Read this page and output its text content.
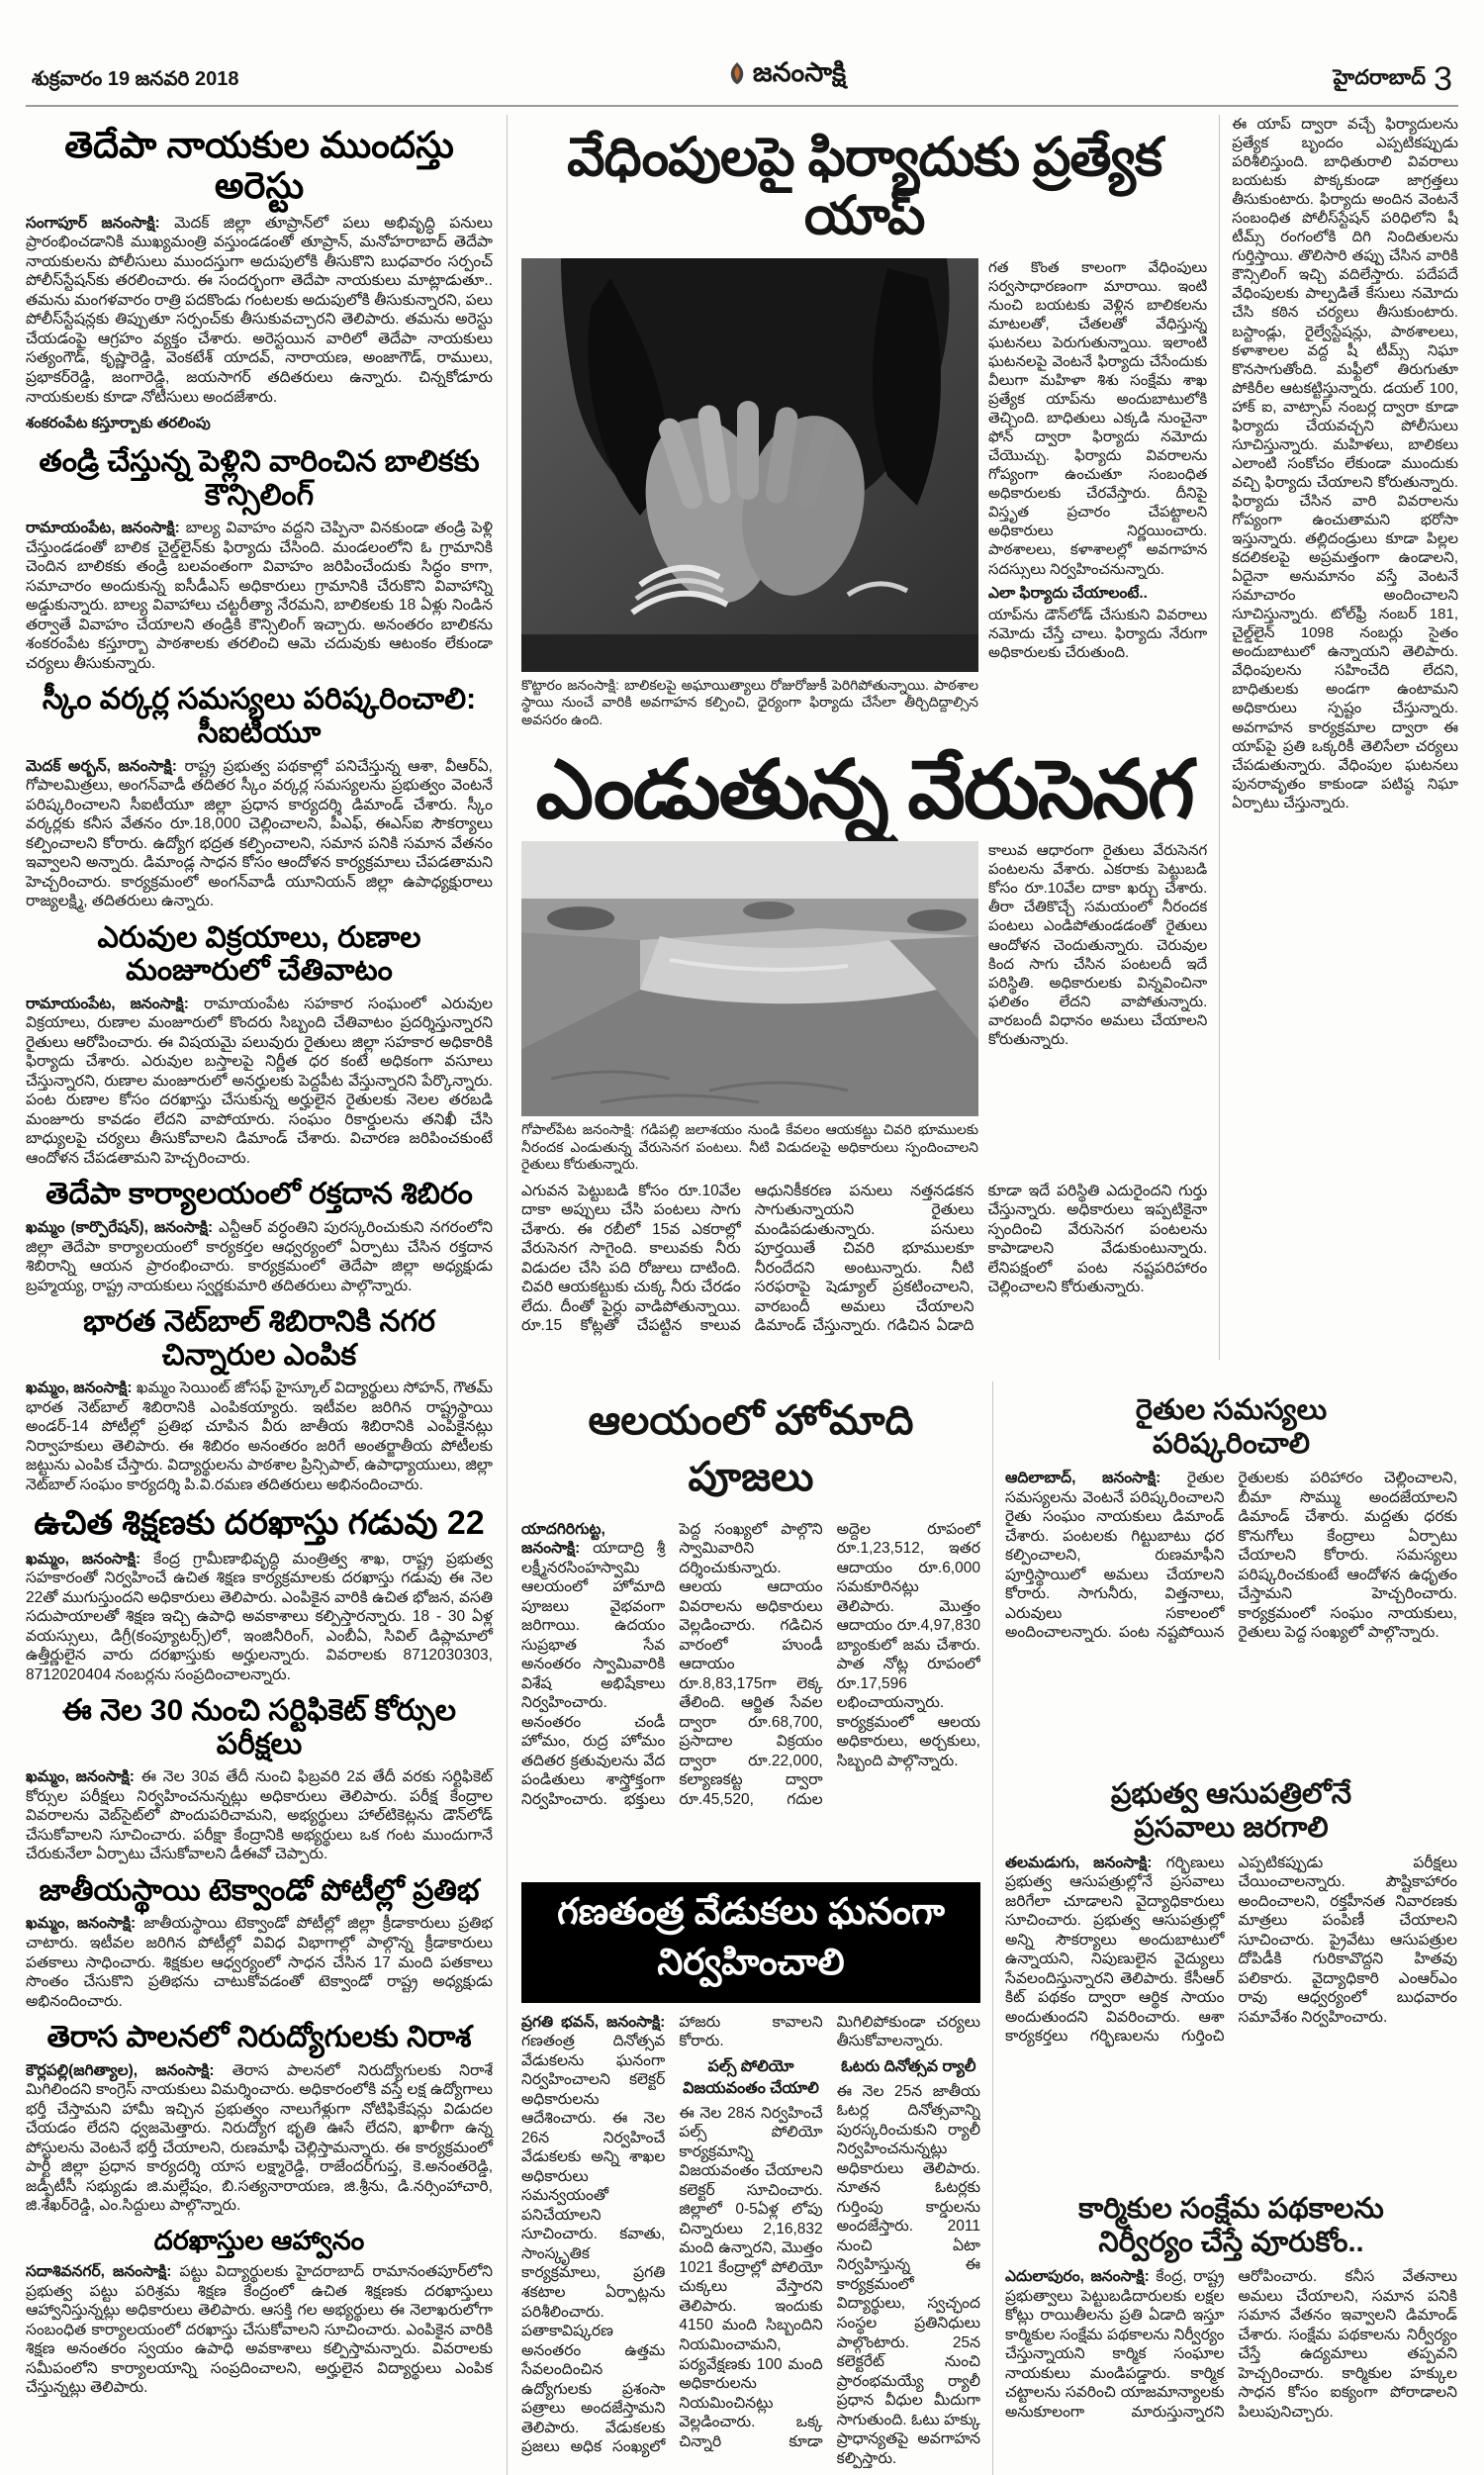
శుక్రవారం 19 జనవరి 2018	జనంసాక్షి	హైదరాబాద్ 3
తెదేపా నాయకుల ముందస్తు అరెస్టు

సంగాపూర్ జనంసాక్షి: మెదక్ జిల్లా తూప్రాన్‌లో పలు అభివృద్ధి పనులు ప్రారంభించడానికి ముఖ్యమంత్రి వస్తుండడంతో తూప్రాన్, మనోహరాబాద్ తెదేపా నాయకులను పోలీసులు ముందస్తుగా అదుపులోకి తీసుకొని బుధవారం సర్పంచ్ పోలీస్‌స్టేషన్‌కు తరలించారు. ఈ సందర్భంగా తెదేపా నాయకులు మాట్లాడుతూ.. తమను మంగళవారం రాత్రి పదకొండు గంటలకు అదుపులోకి తీసుకున్నారని, పలు పోలీస్‌స్టేషన్లకు తిప్పుతూ సర్పంచ్‌కు తీసుకువచ్చారని తెలిపారు. తమను అరెస్టు చేయడంపై ఆగ్రహం వ్యక్తం చేశారు. అరెస్టయిన వారిలో తెదేపా నాయకులు సత్యంగౌడ్, కృష్ణారెడ్డి, వెంకటేశ్ యాదవ్, నారాయణ, అంజాగౌడ్, రాములు, ప్రభాకర్‌రెడ్డి, జంగారెడ్డి, జయసాగర్ తదితరులు ఉన్నారు. చిన్నకోడూరు నాయకులకు కూడా నోటీసులు అందజేశారు.

శంకరంపేట కస్తూర్బాకు తరలింపు
తండ్రి చేస్తున్న పెళ్లిని వారించిన బాలికకు కౌన్సిలింగ్

రామాయంపేట, జనంసాక్షి: బాల్య వివాహం వద్దని చెప్పినా వినకుండా తండ్రి పెళ్లి చేస్తుండడంతో బాలిక చైల్డ్‌లైన్‌కు ఫిర్యాదు చేసింది. మండలంలోని ఓ గ్రామానికి చెందిన బాలికకు తండ్రి బలవంతంగా వివాహం జరిపించేందుకు సిద్ధం కాగా, సమాచారం అందుకున్న ఐసీడీఎస్ అధికారులు గ్రామానికి చేరుకొని వివాహాన్ని అడ్డుకున్నారు. బాల్య వివాహాలు చట్టరీత్యా నేరమని, బాలికలకు 18 ఏళ్లు నిండిన తర్వాతే వివాహం చేయాలని తండ్రికి కౌన్సిలింగ్ ఇచ్చారు. అనంతరం బాలికను శంకరంపేట కస్తూర్బా పాఠశాలకు తరలించి ఆమె చదువుకు ఆటంకం లేకుండా చర్యలు తీసుకున్నారు.

స్కీం వర్కర్ల సమస్యలు పరిష్కరించాలి: సీఐటీయూ

మెదక్ అర్బన్, జనంసాక్షి: రాష్ట్ర ప్రభుత్వ పథకాల్లో పనిచేస్తున్న ఆశా, వీఆర్‌ఏ, గోపాలమిత్రలు, అంగన్‌వాడీ తదితర స్కీం వర్కర్ల సమస్యలను ప్రభుత్వం వెంటనే పరిష్కరించాలని సీఐటీయూ జిల్లా ప్రధాన కార్యదర్శి డిమాండ్ చేశారు. స్కీం వర్కర్లకు కనీస వేతనం రూ.18,000 చెల్లించాలని, పీఎఫ్, ఈఎస్ఐ సౌకర్యాలు కల్పించాలని కోరారు. ఉద్యోగ భద్రత కల్పించాలని, సమాన పనికి సమాన వేతనం ఇవ్వాలని అన్నారు. డిమాండ్ల సాధన కోసం ఆందోళన కార్యక్రమాలు చేపడతామని హెచ్చరించారు. కార్యక్రమంలో అంగన్‌వాడీ యూనియన్ జిల్లా ఉపాధ్యక్షురాలు రాజ్యలక్ష్మి, తదితరులు ఉన్నారు.

ఎరువుల విక్రయాలు, రుణాల మంజూరులో చేతివాటం

రామాయంపేట, జనంసాక్షి: రామాయంపేట సహకార సంఘంలో ఎరువుల విక్రయాలు, రుణాల మంజూరులో కొందరు సిబ్బంది చేతివాటం ప్రదర్శిస్తున్నారని రైతులు ఆరోపించారు. ఈ విషయమై పలువురు రైతులు జిల్లా సహకార అధికారికి ఫిర్యాదు చేశారు. ఎరువుల బస్తాలపై నిర్ణీత ధర కంటే అధికంగా వసూలు చేస్తున్నారని, రుణాల మంజూరులో అనర్హులకు పెద్దపీట వేస్తున్నారని పేర్కొన్నారు. పంట రుణాల కోసం దరఖాస్తు చేసుకున్న అర్హులైన రైతులకు నెలల తరబడి మంజూరు కావడం లేదని వాపోయారు. సంఘం రికార్డులను తనిఖీ చేసి బాధ్యులపై చర్యలు తీసుకోవాలని డిమాండ్ చేశారు. విచారణ జరిపించకుంటే ఆందోళన చేపడతామని హెచ్చరించారు.

తెదేపా కార్యాలయంలో రక్తదాన శిబిరం

ఖమ్మం (కార్పొరేషన్), జనంసాక్షి: ఎన్టీఆర్ వర్ధంతిని పురస్కరించుకుని నగరంలోని జిల్లా తెదేపా కార్యాలయంలో కార్యకర్తల ఆధ్వర్యంలో ఏర్పాటు చేసిన రక్తదాన శిబిరాన్ని ఆయన ప్రారంభించారు. కార్యక్రమంలో తెదేపా జిల్లా అధ్యక్షుడు బ్రహ్మయ్య, రాష్ట్ర నాయకులు స్వర్ణకుమారి తదితరులు పాల్గొన్నారు.

భారత నెట్‌బాల్ శిబిరానికి నగర చిన్నారుల ఎంపిక

ఖమ్మం, జనంసాక్షి: ఖమ్మం సెయింట్ జోసఫ్ హైస్కూల్ విద్యార్థులు సోహన్, గౌతమ్ భారత నెట్‌బాల్ శిబిరానికి ఎంపికయ్యారు. ఇటీవల జరిగిన రాష్ట్రస్థాయి అండర్-14 పోటీల్లో ప్రతిభ చూపిన వీరు జాతీయ శిబిరానికి ఎంపికైనట్లు నిర్వాహకులు తెలిపారు. ఈ శిబిరం అనంతరం జరిగే అంతర్జాతీయ పోటీలకు జట్టును ఎంపిక చేస్తారు. విద్యార్థులను పాఠశాల ప్రిన్సిపాల్, ఉపాధ్యాయులు, జిల్లా నెట్‌బాల్ సంఘం కార్యదర్శి పి.వి.రమణ తదితరులు అభినందించారు.

ఉచిత శిక్షణకు దరఖాస్తు గడువు 22

ఖమ్మం, జనంసాక్షి: కేంద్ర గ్రామీణాభివృద్ధి మంత్రిత్వ శాఖ, రాష్ట్ర ప్రభుత్వ సహకారంతో నిర్వహించే ఉచిత శిక్షణ కార్యక్రమాలకు దరఖాస్తు గడువు ఈ నెల 22తో ముగుస్తుందని అధికారులు తెలిపారు. ఎంపికైన వారికి ఉచిత భోజన, వసతి సదుపాయాలతో శిక్షణ ఇచ్చి ఉపాధి అవకాశాలు కల్పిస్తారన్నారు. 18 - 30 ఏళ్ల వయస్సులు, డిగ్రీ(కంప్యూటర్స్)లో, ఇంజినీరింగ్, ఎంబీఏ, సివిల్ డిప్లామాలో ఉత్తీర్ణులైన వారు దరఖాస్తుకు అర్హులన్నారు. వివరాలకు 8712030303, 8712020404 నంబర్లను సంప్రదించాలన్నారు.

ఈ నెల 30 నుంచి సర్టిఫికెట్ కోర్సుల పరీక్షలు

ఖమ్మం, జనంసాక్షి: ఈ నెల 30వ తేదీ నుంచి ఫిబ్రవరి 2వ తేదీ వరకు సర్టిఫికెట్ కోర్సుల పరీక్షలు నిర్వహించనున్నట్లు అధికారులు తెలిపారు. పరీక్ష కేంద్రాల వివరాలను వెబ్‌సైట్‌లో పొందుపరిచామని, అభ్యర్థులు హాల్‌టికెట్లను డౌన్‌లోడ్ చేసుకోవాలని సూచించారు. పరీక్షా కేంద్రానికి అభ్యర్థులు ఒక గంట ముందుగానే చేరుకునేలా ఏర్పాటు చేసుకోవాలని డీఈవో చెప్పారు.

జాతీయస్థాయి టెక్వాండో పోటీల్లో ప్రతిభ

ఖమ్మం, జనంసాక్షి: జాతీయస్థాయి టెక్వాండో పోటీల్లో జిల్లా క్రీడాకారులు ప్రతిభ చాటారు. ఇటీవల జరిగిన పోటీల్లో వివిధ విభాగాల్లో పాల్గొన్న క్రీడాకారులు పతకాలు సాధించారు. శిక్షకుల ఆధ్వర్యంలో సాధన చేసిన 17 మంది పతకాలు సొంతం చేసుకొని ప్రతిభను చాటుకోవడంతో టెక్వాండో రాష్ట్ర అధ్యక్షుడు అభినందించారు.

తెరాస పాలనలో నిరుద్యోగులకు నిరాశ

కౌర్లపల్లి(జగిత్యాల), జనంసాక్షి: తెరాస పాలనలో నిరుద్యోగులకు నిరాశే మిగిలిందని కాంగ్రెస్ నాయకులు విమర్శించారు. అధికారంలోకి వస్తే లక్ష ఉద్యోగాలు భర్తీ చేస్తామని హామీ ఇచ్చిన ప్రభుత్వం నాలుగేళ్లుగా నోటిఫికేషన్లు విడుదల చేయడం లేదని ధ్వజమెత్తారు. నిరుద్యోగ భృతి ఊసే లేదని, ఖాళీగా ఉన్న పోస్టులను వెంటనే భర్తీ చేయాలని, రుణమాఫీ చెల్లిస్తామన్నారు. ఈ కార్యక్రమంలో పార్టీ జిల్లా ప్రధాన కార్యదర్శి యాస లక్ష్మారెడ్డి, రాజేందర్‌గుప్త, కె.అనంతరెడ్డి, జడ్పీటీసీ సభ్యుడు జి.మల్లేషం, బి.సత్యనారాయణ, జి.శ్రీను, డి.నర్సింహాచారి, జి.శేఖర్‌రెడ్డి, ఎం.సిద్దులు పాల్గొన్నారు.

దరఖాస్తుల ఆహ్వానం

సదాశివనగర్, జనంసాక్షి: పట్టు విద్యార్థులకు హైదరాబాద్ రామానంతపూర్‌లోని ప్రభుత్వ పట్టు పరిశ్రమ శిక్షణ కేంద్రంలో ఉచిత శిక్షణకు దరఖాస్తులు ఆహ్వానిస్తున్నట్లు అధికారులు తెలిపారు. ఆసక్తి గల అభ్యర్థులు ఈ నెలాఖరులోగా సంబంధిత కార్యాలయంలో దరఖాస్తు చేసుకోవాలని సూచించారు. ఎంపికైన వారికి శిక్షణ అనంతరం స్వయం ఉపాధి అవకాశాలు కల్పిస్తామన్నారు. వివరాలకు సమీపంలోని కార్యాలయాన్ని సంప్రదించాలని, అర్హులైన విద్యార్థులు ఎంపిక చేస్తున్నట్లు తెలిపారు.

వేధింపులపై ఫిర్యాదుకు ప్రత్యేక యాప్

గత కొంత కాలంగా వేధింపులు సర్వసాధారణంగా మారాయి. ఇంటి నుంచి బయటకు వెళ్లిన బాలికలను మాటలతో, చేతలతో వేధిస్తున్న ఘటనలు పెరుగుతున్నాయి. ఇలాంటి ఘటనలపై వెంటనే ఫిర్యాదు చేసేందుకు వీలుగా మహిళా శిశు సంక్షేమ శాఖ ప్రత్యేక యాప్‌ను అందుబాటులోకి తెచ్చింది. బాధితులు ఎక్కడి నుంచైనా ఫోన్ ద్వారా ఫిర్యాదు నమోదు చేయొచ్చు. ఫిర్యాదు వివరాలను గోప్యంగా ఉంచుతూ సంబంధిత అధికారులకు చేరవేస్తారు. దీనిపై విస్తృత ప్రచారం చేపట్టాలని అధికారులు నిర్ణయించారు. పాఠశాలలు, కళాశాలల్లో అవగాహన సదస్సులు నిర్వహించనున్నారు.

ఎలా ఫిర్యాదు చేయాలంటే..

యాప్‌ను డౌన్‌లోడ్ చేసుకుని వివరాలు నమోదు చేస్తే చాలు. ఫిర్యాదు నేరుగా అధికారులకు చేరుతుంది.

కొట్టారం జనంసాక్షి: బాలికలపై అఘాయిత్యాలు రోజురోజుకీ పెరిగిపోతున్నాయి. పాఠశాల స్థాయి నుంచే వారికి అవగాహన కల్పించి, ధైర్యంగా ఫిర్యాదు చేసేలా తీర్చిదిద్దాల్సిన అవసరం ఉంది.

ఎండుతున్న వేరుసెనగ

కాలువ ఆధారంగా రైతులు వేరుసెనగ పంటలను వేశారు. ఎకరాకు పెట్టుబడి కోసం రూ.10వేల దాకా ఖర్చు చేశారు. తీరా చేతికొచ్చే సమయంలో నీరందక పంటలు ఎండిపోతుండడంతో రైతులు ఆందోళన చెందుతున్నారు. చెరువుల కింద సాగు చేసిన పంటలదీ ఇదే పరిస్థితి. అధికారులకు విన్నవించినా ఫలితం లేదని వాపోతున్నారు. వారబందీ విధానం అమలు చేయాలని కోరుతున్నారు.

గోపాల్‌పేట జనంసాక్షి: గడిపల్లి జలాశయం నుండి కేవలం ఆయకట్టు చివరి భూములకు నీరందక ఎండుతున్న వేరుసెనగ పంటలు. నీటి విడుదలపై అధికారులు స్పందించాలని రైతులు కోరుతున్నారు.

ఎగువన పెట్టుబడి కోసం రూ.10వేల దాకా అప్పులు చేసి పంటలు సాగు చేశారు. ఈ రబీలో 15వ ఎకరాల్లో వేరుసెనగ సాగైంది. కాలువకు నీరు విడుదల చేసి పది రోజులు దాటింది. చివరి ఆయకట్టుకు చుక్క నీరు చేరడం లేదు. దీంతో పైర్లు వాడిపోతున్నాయి. రూ.15 కోట్లతో చేపట్టిన కాలువ ఆధునికీకరణ పనులు నత్తనడకన సాగుతున్నాయని రైతులు మండిపడుతున్నారు. పనులు పూర్తయితే చివరి భూములకూ నీరందేదని అంటున్నారు. నీటి సరఫరాపై షెడ్యూల్ ప్రకటించాలని, వారబందీ అమలు చేయాలని డిమాండ్ చేస్తున్నారు. గడిచిన ఏడాది కూడా ఇదే పరిస్థితి ఎదురైందని గుర్తు చేస్తున్నారు. అధికారులు ఇప్పటికైనా స్పందించి వేరుసెనగ పంటలను కాపాడాలని వేడుకుంటున్నారు. లేనిపక్షంలో పంట నష్టపరిహారం చెల్లించాలని కోరుతున్నారు.

ఈ యాప్ ద్వారా వచ్చే ఫిర్యాదులను ప్రత్యేక బృందం ఎప్పటికప్పుడు పరిశీలిస్తుంది. బాధితురాలి వివరాలు బయటకు పొక్కకుండా జాగ్రత్తలు తీసుకుంటారు. ఫిర్యాదు అందిన వెంటనే సంబంధిత పోలీస్‌స్టేషన్ పరిధిలోని షీ టీమ్స్ రంగంలోకి దిగి నిందితులను గుర్తిస్తాయి. తొలిసారి తప్పు చేసిన వారికి కౌన్సిలింగ్ ఇచ్చి వదిలేస్తారు. పదేపదే వేధింపులకు పాల్పడితే కేసులు నమోదు చేసి కఠిన చర్యలు తీసుకుంటారు. బస్టాండ్లు, రైల్వేస్టేషన్లు, పాఠశాలలు, కళాశాలల వద్ద షీ టీమ్స్ నిఘా కొనసాగుతోంది. మఫ్టీలో తిరుగుతూ పోకిరీల ఆటకట్టిస్తున్నారు. డయల్ 100, హాక్ ఐ, వాట్సాప్ నంబర్ల ద్వారా కూడా ఫిర్యాదు చేయవచ్చని పోలీసులు సూచిస్తున్నారు. మహిళలు, బాలికలు ఎలాంటి సంకోచం లేకుండా ముందుకు వచ్చి ఫిర్యాదు చేయాలని కోరుతున్నారు. ఫిర్యాదు చేసిన వారి వివరాలను గోప్యంగా ఉంచుతామని భరోసా ఇస్తున్నారు. తల్లిదండ్రులు కూడా పిల్లల కదలికలపై అప్రమత్తంగా ఉండాలని, ఏదైనా అనుమానం వస్తే వెంటనే సమాచారం అందించాలని సూచిస్తున్నారు. టోల్‌ఫ్రీ నంబర్ 181, చైల్డ్‌లైన్ 1098 నంబర్లు సైతం అందుబాటులో ఉన్నాయని తెలిపారు. వేధింపులను సహించేది లేదని, బాధితులకు అండగా ఉంటామని అధికారులు స్పష్టం చేస్తున్నారు. అవగాహన కార్యక్రమాల ద్వారా ఈ యాప్‌పై ప్రతి ఒక్కరికీ తెలిసేలా చర్యలు చేపడుతున్నారు. వేధింపుల ఘటనలు పునరావృతం కాకుండా పటిష్ఠ నిఘా ఏర్పాటు చేస్తున్నారు.

ఆలయంలో హోమాది పూజలు

యాదగిరిగుట్ట, జనంసాక్షి: యాదాద్రి శ్రీ లక్ష్మీనరసింహస్వామి ఆలయంలో హోమాది పూజలు వైభవంగా జరిగాయి. ఉదయం సుప్రభాత సేవ అనంతరం స్వామివారికి విశేష అభిషేకాలు నిర్వహించారు. అనంతరం చండీ హోమం, రుద్ర హోమం తదితర క్రతువులను వేద పండితులు శాస్త్రోక్తంగా నిర్వహించారు. భక్తులు పెద్ద సంఖ్యలో పాల్గొని స్వామివారిని దర్శించుకున్నారు. ఆలయ ఆదాయం వివరాలను అధికారులు వెల్లడించారు. గడిచిన వారంలో హుండీ ఆదాయం రూ.8,83,175గా లెక్క తేలింది. ఆర్జిత సేవల ద్వారా రూ.68,700, ప్రసాదాల విక్రయం ద్వారా రూ.22,000, కల్యాణకట్ట ద్వారా రూ.45,520, గదుల అద్దెల రూపంలో రూ.1,23,512, ఇతర ఆదాయం రూ.6,000 సమకూరినట్లు తెలిపారు. మొత్తం ఆదాయం రూ.4,97,830 బ్యాంకులో జమ చేశారు. పాత నోట్ల రూపంలో రూ.17,596 లభించాయన్నారు. కార్యక్రమంలో ఆలయ అధికారులు, అర్చకులు, సిబ్బంది పాల్గొన్నారు.

గణతంత్ర వేడుకలు ఘనంగా నిర్వహించాలి

ప్రగతి భవన్, జనంసాక్షి: గణతంత్ర దినోత్సవ వేడుకలను ఘనంగా నిర్వహించాలని కలెక్టర్ అధికారులను ఆదేశించారు. ఈ నెల 26న నిర్వహించే వేడుకలకు అన్ని శాఖల అధికారులు సమన్వయంతో పనిచేయాలని సూచించారు. కవాతు, సాంస్కృతిక కార్యక్రమాలు, ప్రగతి శకటాల ఏర్పాట్లను పరిశీలించారు. పతాకావిష్కరణ అనంతరం ఉత్తమ సేవలందించిన ఉద్యోగులకు ప్రశంసా పత్రాలు అందజేస్తామని తెలిపారు. వేడుకలకు ప్రజలు అధిక సంఖ్యలో హాజరు కావాలని కోరారు.

పల్స్ పోలియో విజయవంతం చేయాలి

ఈ నెల 28న నిర్వహించే పల్స్ పోలియో కార్యక్రమాన్ని విజయవంతం చేయాలని కలెక్టర్ సూచించారు. జిల్లాలో 0-5ఏళ్ల లోపు చిన్నారులు 2,16,832 మంది ఉన్నారని, మొత్తం 1021 కేంద్రాల్లో పోలియో చుక్కలు వేస్తారని తెలిపారు. ఇందుకు 4150 మంది సిబ్బందిని నియమించామని, పర్యవేక్షణకు 100 మంది అధికారులను నియమించినట్లు వెల్లడించారు. ఒక్క చిన్నారి కూడా మిగిలిపోకుండా చర్యలు తీసుకోవాలన్నారు.

ఓటరు దినోత్సవ ర్యాలీ

ఈ నెల 25న జాతీయ ఓటర్ల దినోత్సవాన్ని పురస్కరించుకుని ర్యాలీ నిర్వహించనున్నట్లు అధికారులు తెలిపారు. నూతన ఓటర్లకు గుర్తింపు కార్డులను అందజేస్తారు. 2011 నుంచి ఏటా నిర్వహిస్తున్న ఈ కార్యక్రమంలో విద్యార్థులు, స్వచ్ఛంద సంస్థల ప్రతినిధులు పాల్గొంటారు. 25న కలెక్టరేట్ నుంచి ప్రారంభమయ్యే ర్యాలీ ప్రధాన వీధుల మీదుగా సాగుతుంది. ఓటు హక్కు ప్రాధాన్యతపై అవగాహన కల్పిస్తారు.

రైతుల సమస్యలు
పరిష్కరించాలి

ఆదిలాబాద్, జనంసాక్షి: రైతుల సమస్యలను వెంటనే పరిష్కరించాలని రైతు సంఘం నాయకులు డిమాండ్ చేశారు. పంటలకు గిట్టుబాటు ధర కల్పించాలని, రుణమాఫీని పూర్తిస్థాయిలో అమలు చేయాలని కోరారు. సాగునీరు, విత్తనాలు, ఎరువులు సకాలంలో అందించాలన్నారు. పంట నష్టపోయిన రైతులకు పరిహారం చెల్లించాలని, బీమా సొమ్ము అందజేయాలని డిమాండ్ చేశారు. మద్దతు ధరకు కొనుగోలు కేంద్రాలు ఏర్పాటు చేయాలని కోరారు. సమస్యలు పరిష్కరించకుంటే ఆందోళన ఉధృతం చేస్తామని హెచ్చరించారు. కార్యక్రమంలో సంఘం నాయకులు, రైతులు పెద్ద సంఖ్యలో పాల్గొన్నారు.

ప్రభుత్వ ఆసుపత్రిలోనే
ప్రసవాలు జరగాలి

తలమడుగు, జనంసాక్షి: గర్భిణులు ప్రభుత్వ ఆసుపత్రుల్లోనే ప్రసవాలు జరిగేలా చూడాలని వైద్యాధికారులు సూచించారు. ప్రభుత్వ ఆసుపత్రుల్లో అన్ని సౌకర్యాలు అందుబాటులో ఉన్నాయని, నిపుణులైన వైద్యులు సేవలందిస్తున్నారని తెలిపారు. కేసీఆర్ కిట్ పథకం ద్వారా ఆర్థిక సాయం అందుతుందని వివరించారు. ఆశా కార్యకర్తలు గర్భిణులను గుర్తించి ఎప్పటికప్పుడు పరీక్షలు చేయించాలన్నారు. పౌష్టికాహారం అందించాలని, రక్తహీనత నివారణకు మాత్రలు పంపిణీ చేయాలని సూచించారు. ప్రైవేటు ఆసుపత్రుల దోపిడీకి గురికావొద్దని హితవు పలికారు. వైద్యాధికారి ఎంఆర్ఎం రావు ఆధ్వర్యంలో బుధవారం సమావేశం నిర్వహించారు.

కార్మికుల సంక్షేమ పథకాలను
నిర్వీర్యం చేస్తే వూరుకోం..

ఎదులాపురం, జనంసాక్షి: కేంద్ర, రాష్ట్ర ప్రభుత్వాలు పెట్టుబడిదారులకు లక్షల కోట్లు రాయితీలను ప్రతి ఏడాది ఇస్తూ కార్మికుల సంక్షేమ పథకాలను నిర్వీర్యం చేస్తున్నాయని కార్మిక సంఘాల నాయకులు మండిపడ్డారు. కార్మిక చట్టాలను సవరించి యాజమాన్యాలకు అనుకూలంగా మారుస్తున్నారని ఆరోపించారు. కనీస వేతనాలు అమలు చేయాలని, సమాన పనికి సమాన వేతనం ఇవ్వాలని డిమాండ్ చేశారు. సంక్షేమ పథకాలను నిర్వీర్యం చేస్తే ఉద్యమాలు తప్పవని హెచ్చరించారు. కార్మికుల హక్కుల సాధన కోసం ఐక్యంగా పోరాడాలని పిలుపునిచ్చారు.
